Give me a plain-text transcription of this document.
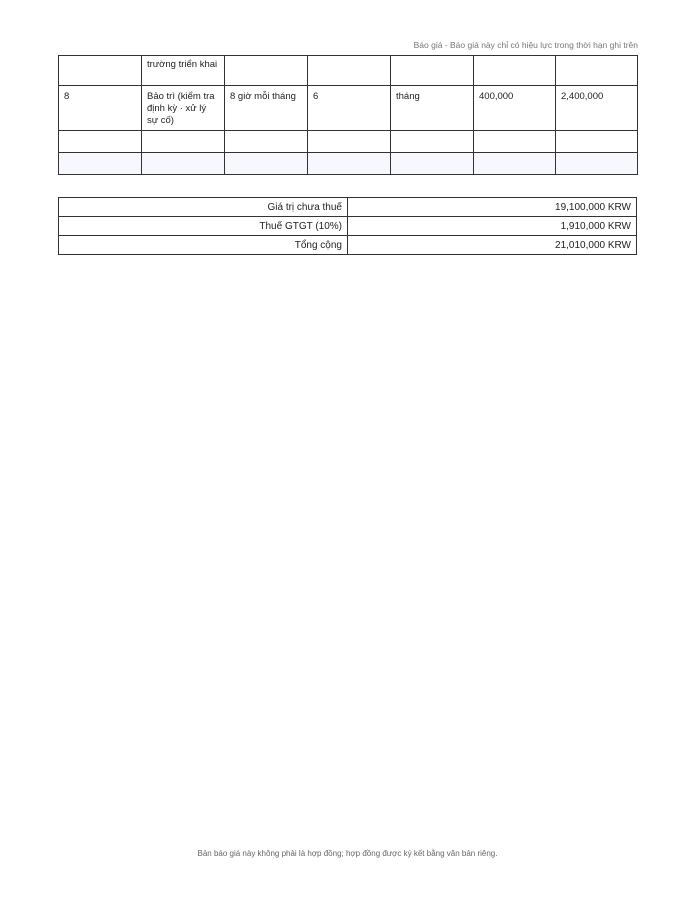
Báo giá - Báo giá này chỉ có hiệu lực trong thời hạn ghi trên
	trường triển khai					
8	Bảo trì (kiểm tra định kỳ · xử lý sự cố)	8 giờ mỗi tháng	6	tháng	400,000	2,400,000

Giá trị chưa thuế	19,100,000 KRW
Thuế GTGT (10%)	1,910,000 KRW
Tổng cộng	21,010,000 KRW
Bản báo giá này không phải là hợp đồng; hợp đồng được ký kết bằng văn bản riêng.
